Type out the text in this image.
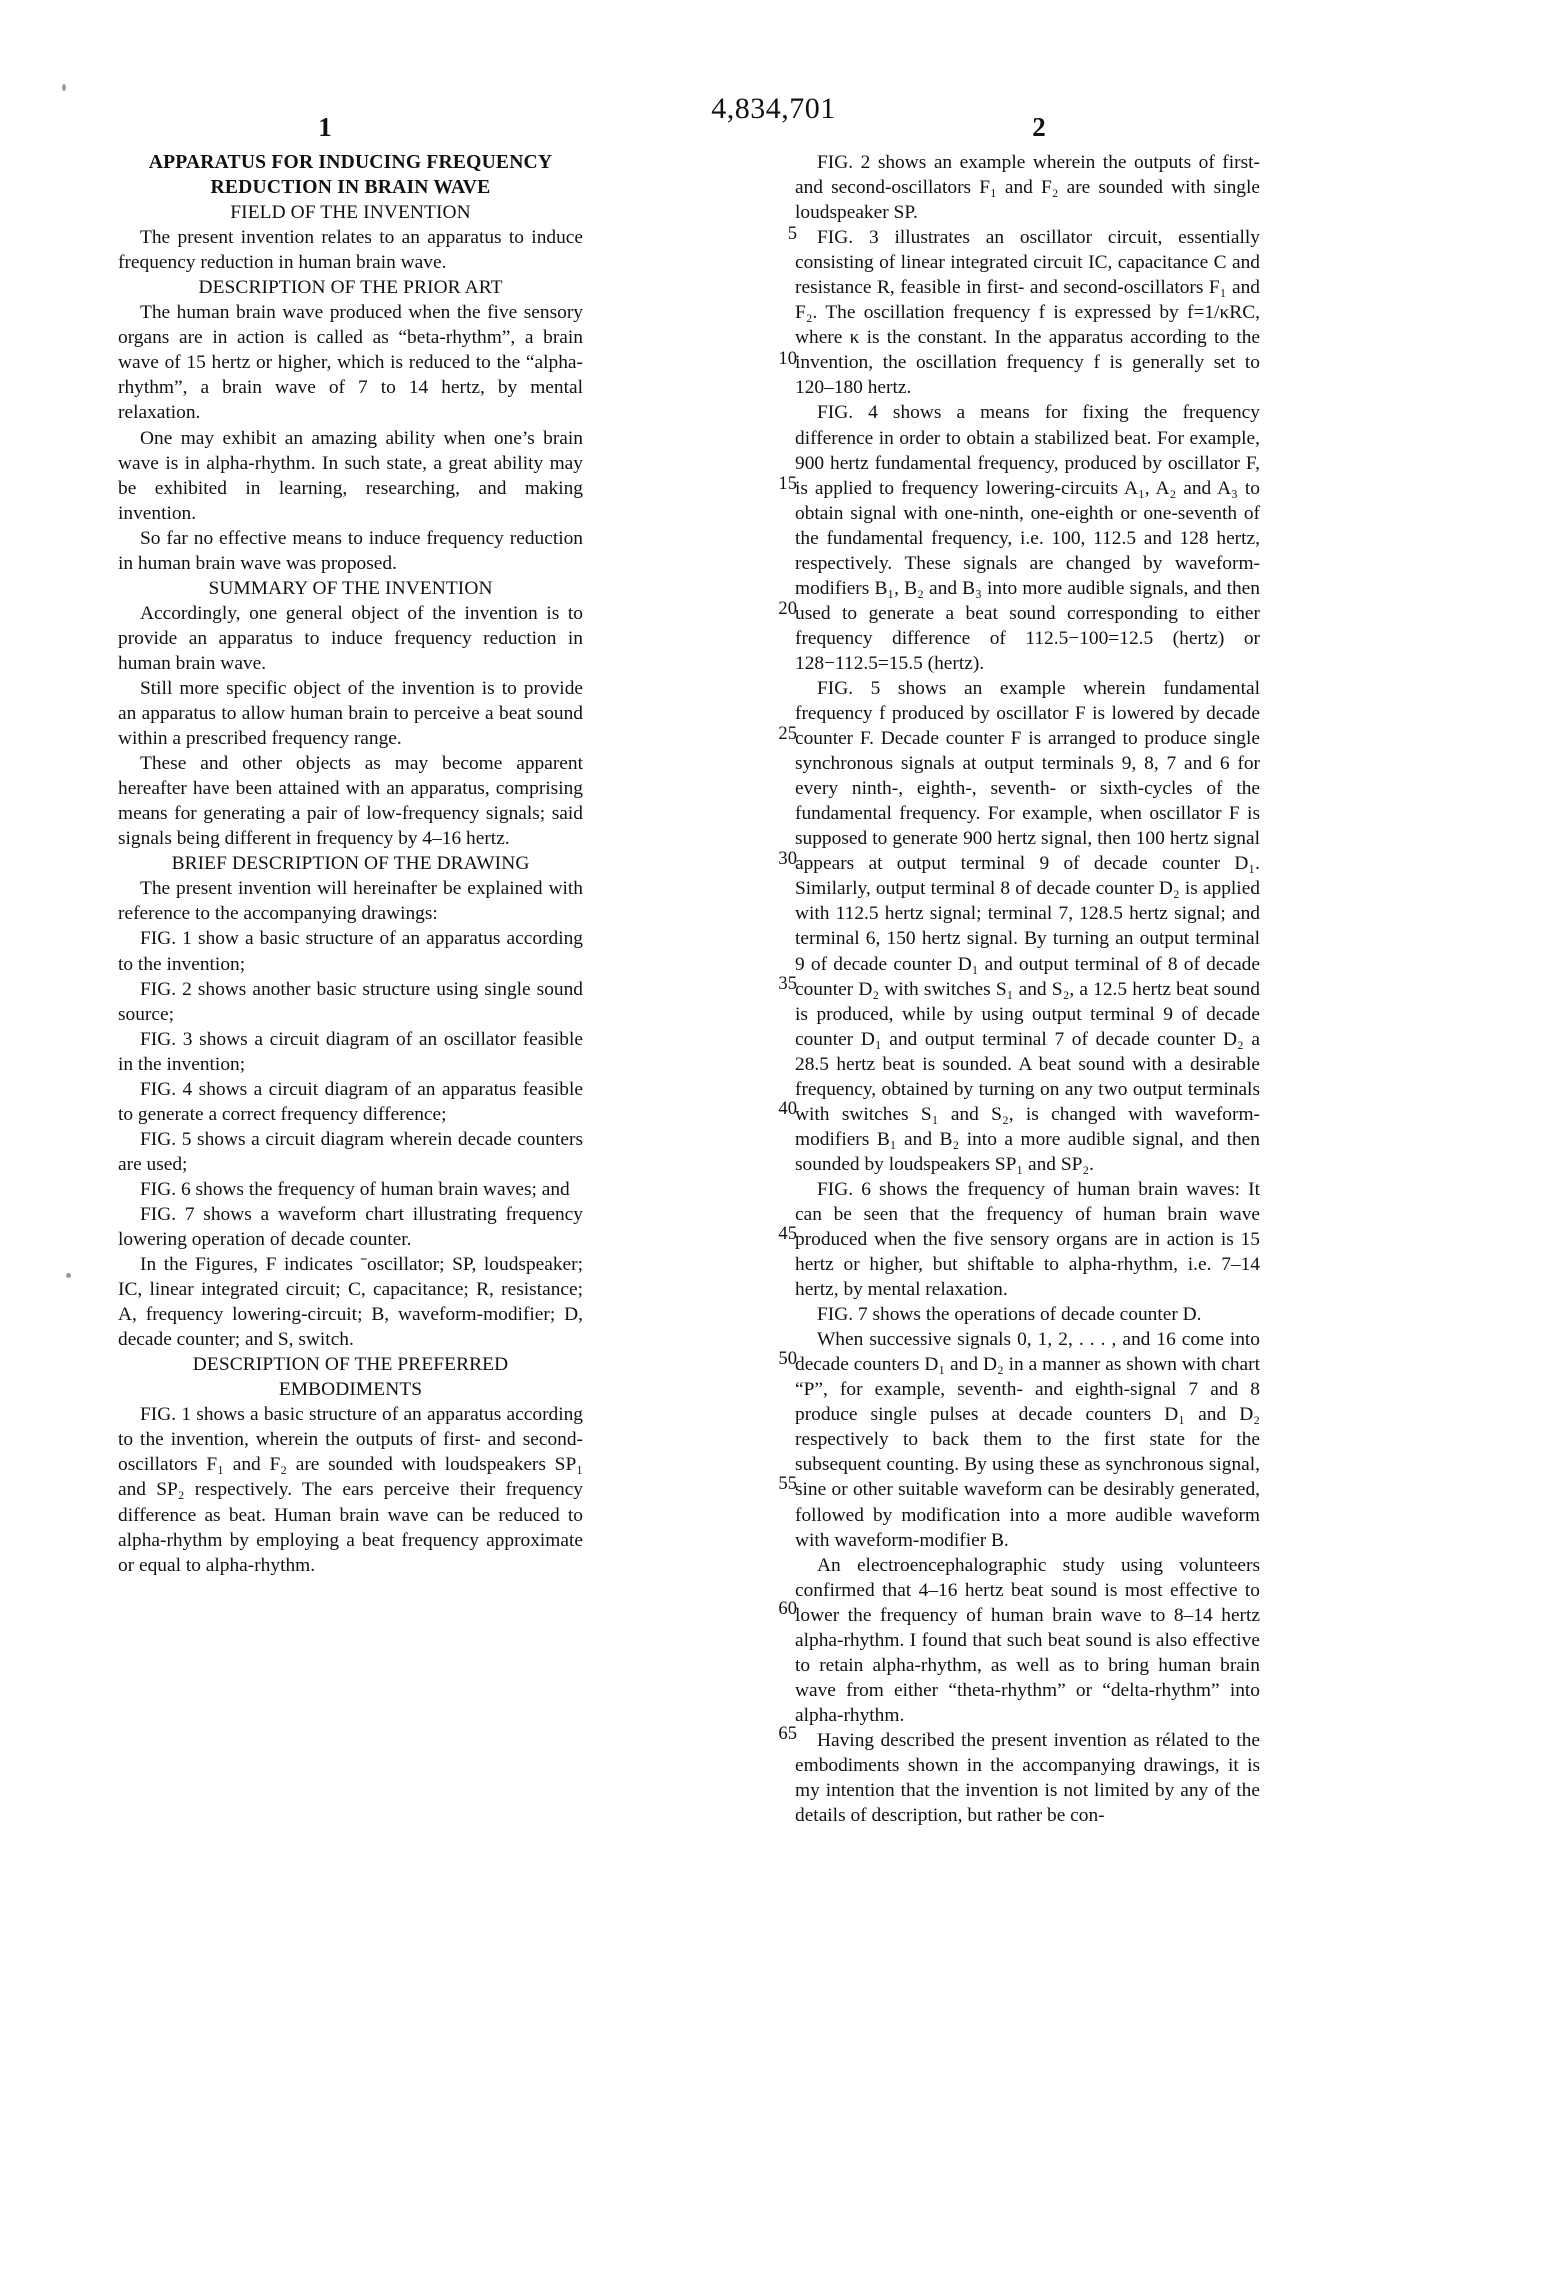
4,834,701
1	2
APPARATUS FOR INDUCING FREQUENCY
REDUCTION IN BRAIN WAVE
FIELD OF THE INVENTION

The present invention relates to an apparatus to induce frequency reduction in human brain wave.

DESCRIPTION OF THE PRIOR ART

The human brain wave produced when the five sensory organs are in action is called as “beta-rhythm”, a brain wave of 15 hertz or higher, which is reduced to the “alpha-rhythm”, a brain wave of 7 to 14 hertz, by mental relaxation.

One may exhibit an amazing ability when one’s brain wave is in alpha-rhythm. In such state, a great ability may be exhibited in learning, researching, and making invention.

So far no effective means to induce frequency reduction in human brain wave was proposed.

SUMMARY OF THE INVENTION

Accordingly, one general object of the invention is to provide an apparatus to induce frequency reduction in human brain wave.

Still more specific object of the invention is to provide an apparatus to allow human brain to perceive a beat sound within a prescribed frequency range.

These and other objects as may become apparent hereafter have been attained with an apparatus, comprising means for generating a pair of low-frequency signals; said signals being different in frequency by 4–16 hertz.

BRIEF DESCRIPTION OF THE DRAWING

The present invention will hereinafter be explained with reference to the accompanying drawings:

FIG. 1 show a basic structure of an apparatus according to the invention;

FIG. 2 shows another basic structure using single sound source;

FIG. 3 shows a circuit diagram of an oscillator feasible in the invention;

FIG. 4 shows a circuit diagram of an apparatus feasible to generate a correct frequency difference;

FIG. 5 shows a circuit diagram wherein decade counters are used;

FIG. 6 shows the frequency of human brain waves; and

FIG. 7 shows a waveform chart illustrating frequency lowering operation of decade counter.

In the Figures, F indicates ˉoscillator; SP, loudspeaker; IC, linear integrated circuit; C, capacitance; R, resistance; A, frequency lowering-circuit; B, waveform-modifier; D, decade counter; and S, switch.

DESCRIPTION OF THE PREFERRED
EMBODIMENTS

FIG. 1 shows a basic structure of an apparatus according to the invention, wherein the outputs of first- and second-oscillators F₁ and F₂ are sounded with loudspeakers SP₁ and SP₂ respectively. The ears perceive their frequency difference as beat. Human brain wave can be reduced to alpha-rhythm by employing a beat frequency approximate or equal to alpha-rhythm.

5
10
15
20
25
30
35
40
45
50
55
60
65

FIG. 2 shows an example wherein the outputs of first- and second-oscillators F₁ and F₂ are sounded with single loudspeaker SP.

FIG. 3 illustrates an oscillator circuit, essentially consisting of linear integrated circuit IC, capacitance C and resistance R, feasible in first- and second-oscillators F₁ and F₂. The oscillation frequency f is expressed by f=1/κRC, where κ is the constant. In the apparatus according to the invention, the oscillation frequency f is generally set to 120–180 hertz.

FIG. 4 shows a means for fixing the frequency difference in order to obtain a stabilized beat. For example, 900 hertz fundamental frequency, produced by oscillator F, is applied to frequency lowering-circuits A₁, A₂ and A₃ to obtain signal with one-ninth, one-eighth or one-seventh of the fundamental frequency, i.e. 100, 112.5 and 128 hertz, respectively. These signals are changed by waveform-modifiers B₁, B₂ and B₃ into more audible signals, and then used to generate a beat sound corresponding to either frequency difference of 112.5−100=12.5 (hertz) or 128−112.5=15.5 (hertz).

FIG. 5 shows an example wherein fundamental frequency f produced by oscillator F is lowered by decade counter F. Decade counter F is arranged to produce single synchronous signals at output terminals 9, 8, 7 and 6 for every ninth-, eighth-, seventh- or sixth-cycles of the fundamental frequency. For example, when oscillator F is supposed to generate 900 hertz signal, then 100 hertz signal appears at output terminal 9 of decade counter D₁. Similarly, output terminal 8 of decade counter D₂ is applied with 112.5 hertz signal; terminal 7, 128.5 hertz signal; and terminal 6, 150 hertz signal. By turning an output terminal 9 of decade counter D₁ and output terminal of 8 of decade counter D₂ with switches S₁ and S₂, a 12.5 hertz beat sound is produced, while by using output terminal 9 of decade counter D₁ and output terminal 7 of decade counter D₂ a 28.5 hertz beat is sounded. A beat sound with a desirable frequency, obtained by turning on any two output terminals with switches S₁ and S₂, is changed with waveform-modifiers B₁ and B₂ into a more audible signal, and then sounded by loudspeakers SP₁ and SP₂.

FIG. 6 shows the frequency of human brain waves: It can be seen that the frequency of human brain wave produced when the five sensory organs are in action is 15 hertz or higher, but shiftable to alpha-rhythm, i.e. 7–14 hertz, by mental relaxation.

FIG. 7 shows the operations of decade counter D.

When successive signals 0, 1, 2, . . . , and 16 come into decade counters D₁ and D₂ in a manner as shown with chart “P”, for example, seventh- and eighth-signal 7 and 8 produce single pulses at decade counters D₁ and D₂ respectively to back them to the first state for the subsequent counting. By using these as synchronous signal, sine or other suitable waveform can be desirably generated, followed by modification into a more audible waveform with waveform-modifier B.

An electroencephalographic study using volunteers confirmed that 4–16 hertz beat sound is most effective to lower the frequency of human brain wave to 8–14 hertz alpha-rhythm. I found that such beat sound is also effective to retain alpha-rhythm, as well as to bring human brain wave from either “theta-rhythm” or “delta-rhythm” into alpha-rhythm.

Having described the present invention as rélated to the embodiments shown in the accompanying drawings, it is my intention that the invention is not limited by any of the details of description, but rather be con-
